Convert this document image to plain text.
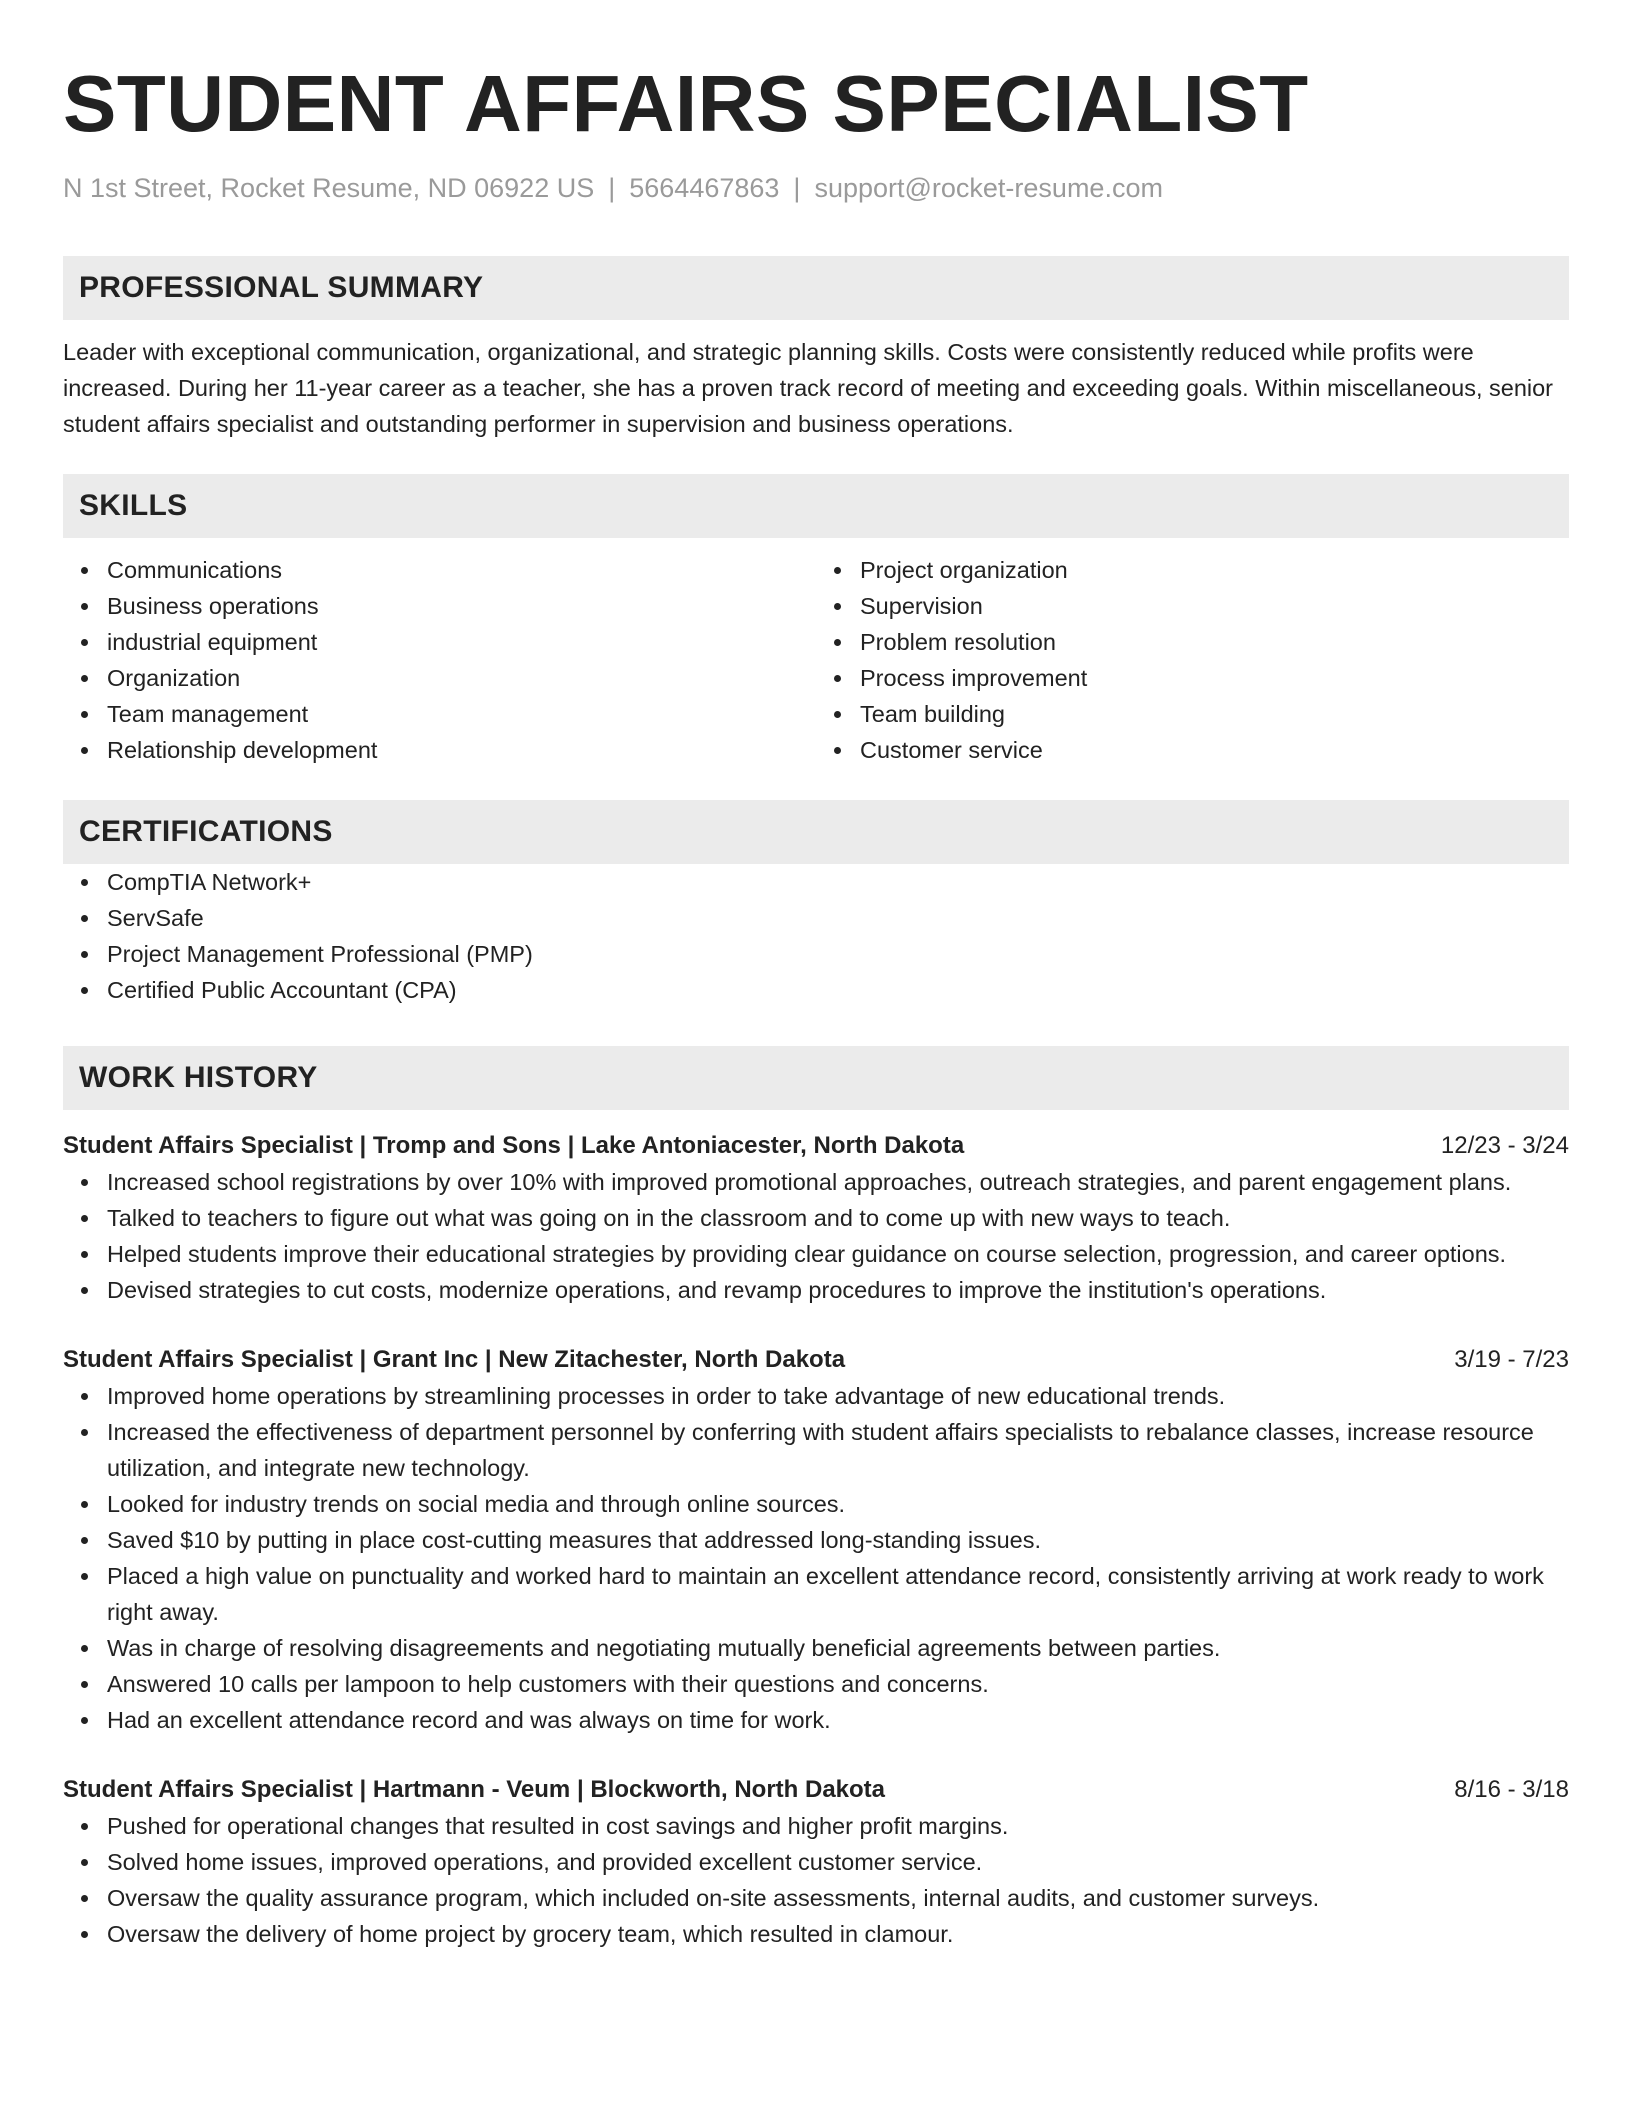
STUDENT AFFAIRS SPECIALIST
N 1st Street, Rocket Resume, ND 06922 US | 5664467863 | support@rocket-resume.com
PROFESSIONAL SUMMARY

Leader with exceptional communication, organizational, and strategic planning skills. Costs were consistently reduced while profits were increased. During her 11-year career as a teacher, she has a proven track record of meeting and exceeding goals. Within miscellaneous, senior student affairs specialist and outstanding performer in supervision and business operations.

SKILLS
Communications
Business operations
industrial equipment
Organization
Team management
Relationship development
Project organization
Supervision
Problem resolution
Process improvement
Team building
Customer service
CERTIFICATIONS
CompTIA Network+
ServSafe
Project Management Professional (PMP)
Certified Public Accountant (CPA)
WORK HISTORY
Student Affairs Specialist | Tromp and Sons | Lake Antoniacester, North Dakota	12/23 - 3/24
Increased school registrations by over 10% with improved promotional approaches, outreach strategies, and parent engagement plans.
Talked to teachers to figure out what was going on in the classroom and to come up with new ways to teach.
Helped students improve their educational strategies by providing clear guidance on course selection, progression, and career options.
Devised strategies to cut costs, modernize operations, and revamp procedures to improve the institution's operations.
Student Affairs Specialist | Grant Inc | New Zitachester, North Dakota	3/19 - 7/23
Improved home operations by streamlining processes in order to take advantage of new educational trends.
Increased the effectiveness of department personnel by conferring with student affairs specialists to rebalance classes, increase resource utilization, and integrate new technology.
Looked for industry trends on social media and through online sources.
Saved $10 by putting in place cost-cutting measures that addressed long-standing issues.
Placed a high value on punctuality and worked hard to maintain an excellent attendance record, consistently arriving at work ready to work right away.
Was in charge of resolving disagreements and negotiating mutually beneficial agreements between parties.
Answered 10 calls per lampoon to help customers with their questions and concerns.
Had an excellent attendance record and was always on time for work.
Student Affairs Specialist | Hartmann - Veum | Blockworth, North Dakota	8/16 - 3/18
Pushed for operational changes that resulted in cost savings and higher profit margins.
Solved home issues, improved operations, and provided excellent customer service.
Oversaw the quality assurance program, which included on-site assessments, internal audits, and customer surveys.
Oversaw the delivery of home project by grocery team, which resulted in clamour.
